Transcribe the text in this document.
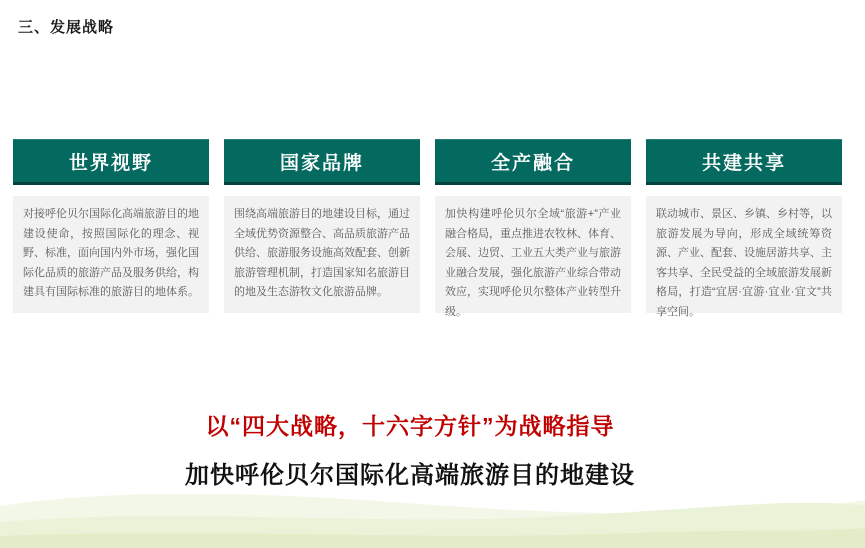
三、发展战略
世界视野
对接呼伦贝尔国际化高端旅游目的地建设使命，按照国际化的理念、视野、标准，面向国内外市场，强化国际化品质的旅游产品及服务供给，构建具有国际标准的旅游目的地体系。
国家品牌
围绕高端旅游目的地建设目标，通过全域优势资源整合、高品质旅游产品供给、旅游服务设施高效配套、创新旅游管理机制，打造国家知名旅游目的地及生态游牧文化旅游品牌。
全产融合
加快构建呼伦贝尔全域“旅游+”产业融合格局，重点推进农牧林、体育、会展、边贸、工业五大类产业与旅游业融合发展，强化旅游产业综合带动效应，实现呼伦贝尔整体产业转型升级。
共建共享
联动城市、景区、乡镇、乡村等，以旅游发展为导向，形成全域统筹资源、产业、配套、设施居游共享、主客共享、全民受益的全域旅游发展新格局，打造“宜居·宜游·宜业·宜文”共享空间。
以“四大战略，十六字方针”为战略指导
加快呼伦贝尔国际化高端旅游目的地建设
